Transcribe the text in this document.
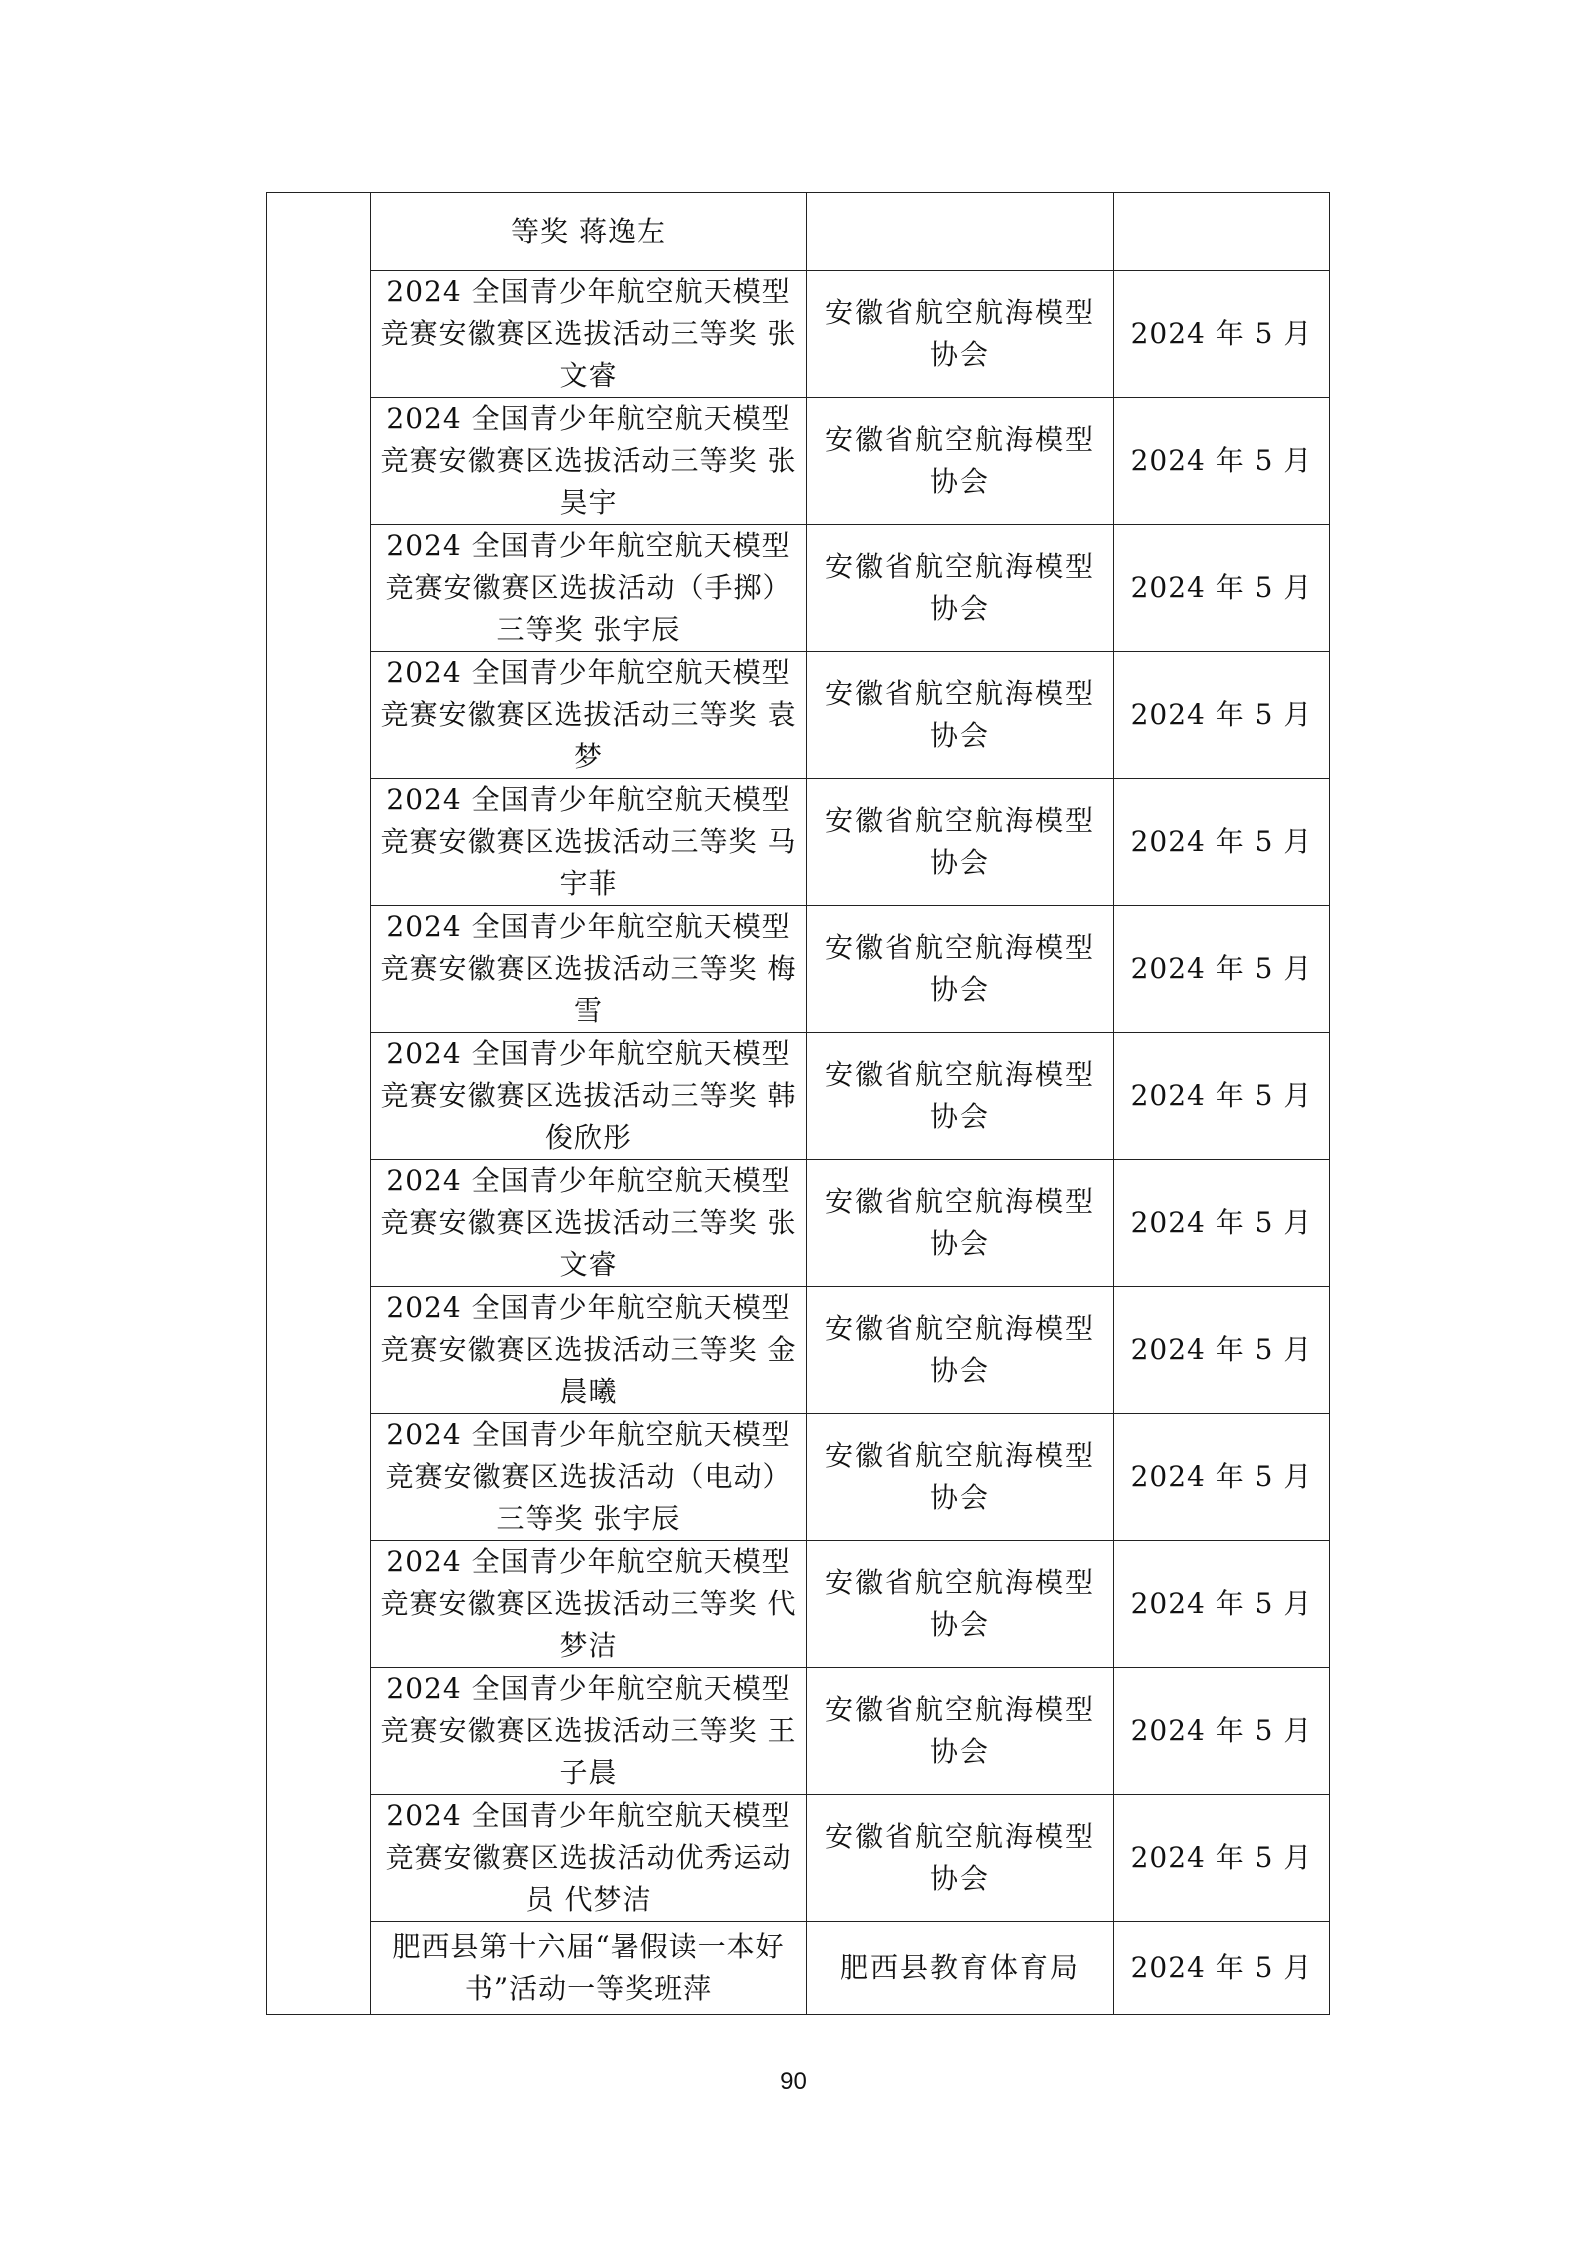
	等奖 蒋逸左		

	2024 全国青少年航空航天模型竞赛安徽赛区选拔活动三等奖 张文睿	安徽省航空航海模型协会	2024 年 5 月

	2024 全国青少年航空航天模型竞赛安徽赛区选拔活动三等奖 张昊宇	安徽省航空航海模型协会	2024 年 5 月

	2024 全国青少年航空航天模型竞赛安徽赛区选拔活动（手掷）三等奖 张宇辰	安徽省航空航海模型协会	2024 年 5 月

	2024 全国青少年航空航天模型竞赛安徽赛区选拔活动三等奖 袁梦	安徽省航空航海模型协会	2024 年 5 月

	2024 全国青少年航空航天模型竞赛安徽赛区选拔活动三等奖 马宇菲	安徽省航空航海模型协会	2024 年 5 月

	2024 全国青少年航空航天模型竞赛安徽赛区选拔活动三等奖 梅雪	安徽省航空航海模型协会	2024 年 5 月

	2024 全国青少年航空航天模型竞赛安徽赛区选拔活动三等奖 韩俊欣彤	安徽省航空航海模型协会	2024 年 5 月

	2024 全国青少年航空航天模型竞赛安徽赛区选拔活动三等奖 张文睿	安徽省航空航海模型协会	2024 年 5 月

	2024 全国青少年航空航天模型竞赛安徽赛区选拔活动三等奖 金晨曦	安徽省航空航海模型协会	2024 年 5 月

	2024 全国青少年航空航天模型竞赛安徽赛区选拔活动（电动）三等奖 张宇辰	安徽省航空航海模型协会	2024 年 5 月

	2024 全国青少年航空航天模型竞赛安徽赛区选拔活动三等奖 代梦洁	安徽省航空航海模型协会	2024 年 5 月

	2024 全国青少年航空航天模型竞赛安徽赛区选拔活动三等奖 王子晨	安徽省航空航海模型协会	2024 年 5 月

	2024 全国青少年航空航天模型竞赛安徽赛区选拔活动优秀运动员 代梦洁	安徽省航空航海模型协会	2024 年 5 月

	肥西县第十六届“暑假读一本好书”活动一等奖班萍	肥西县教育体育局	2024 年 5 月
90
